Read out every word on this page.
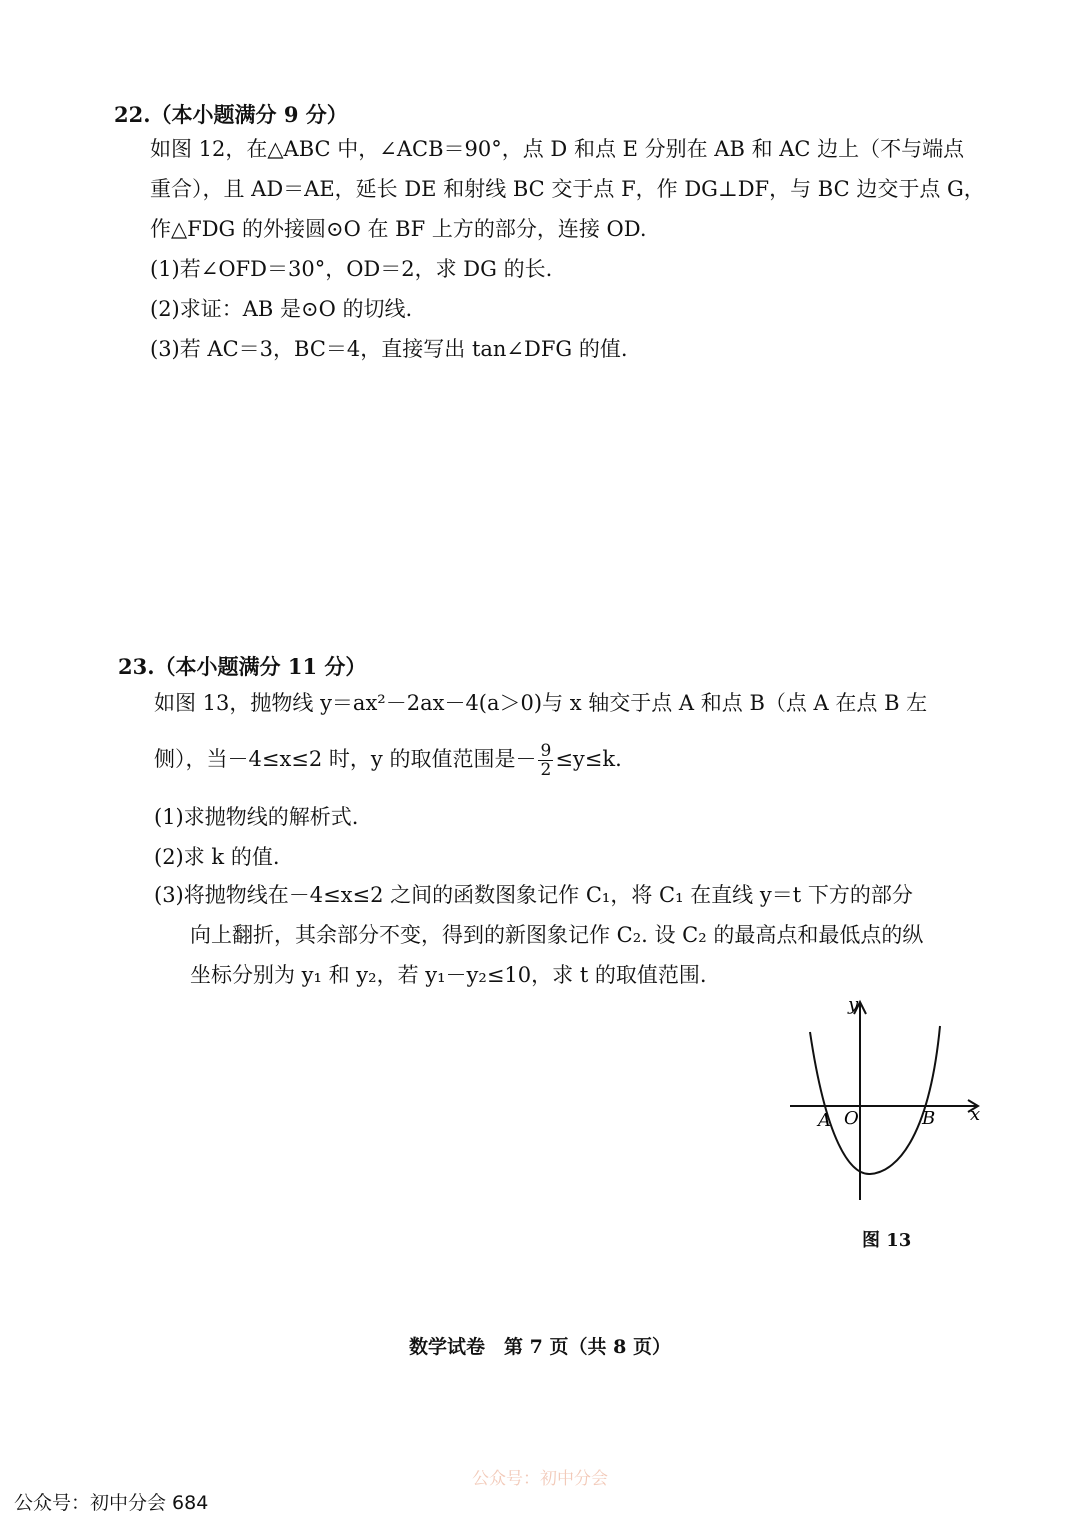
22.（本小题满分 9 分）
如图 12，在△ABC 中，∠ACB＝90°，点 D 和点 E 分别在 AB 和 AC 边上（不与端点
重合），且 AD＝AE，延长 DE 和射线 BC 交于点 F，作 DG⊥DF，与 BC 边交于点 G，
作△FDG 的外接圆⊙O 在 BF 上方的部分，连接 OD.
(1)若∠OFD＝30°，OD＝2，求 DG 的长.
(2)求证：AB 是⊙O 的切线.
(3)若 AC＝3，BC＝4，直接写出 tan∠DFG 的值.
23.（本小题满分 11 分）
如图 13，抛物线 y＝ax²－2ax－4(a＞0)与 x 轴交于点 A 和点 B（点 A 在点 B 左
侧），当－4≤x≤2 时，y 的取值范围是－ $\frac{9}{2} \le y\le k$.
(1)求抛物线的解析式.
(2)求 k 的值.
(3)将抛物线在－4≤x≤2 之间的函数图象记作 C₁，将 C₁ 在直线 y＝t 下方的部分
向上翻折，其余部分不变，得到的新图象记作 C₂. 设 C₂ 的最高点和最低点的纵
坐标分别为 y₁ 和 y₂，若 y₁－y₂≤10，求 t 的取值范围.
y
x
A O	B
图 13
数学试卷　第 7 页（共 8 页）
公众号：初中分会
公众号：初中分会 684
